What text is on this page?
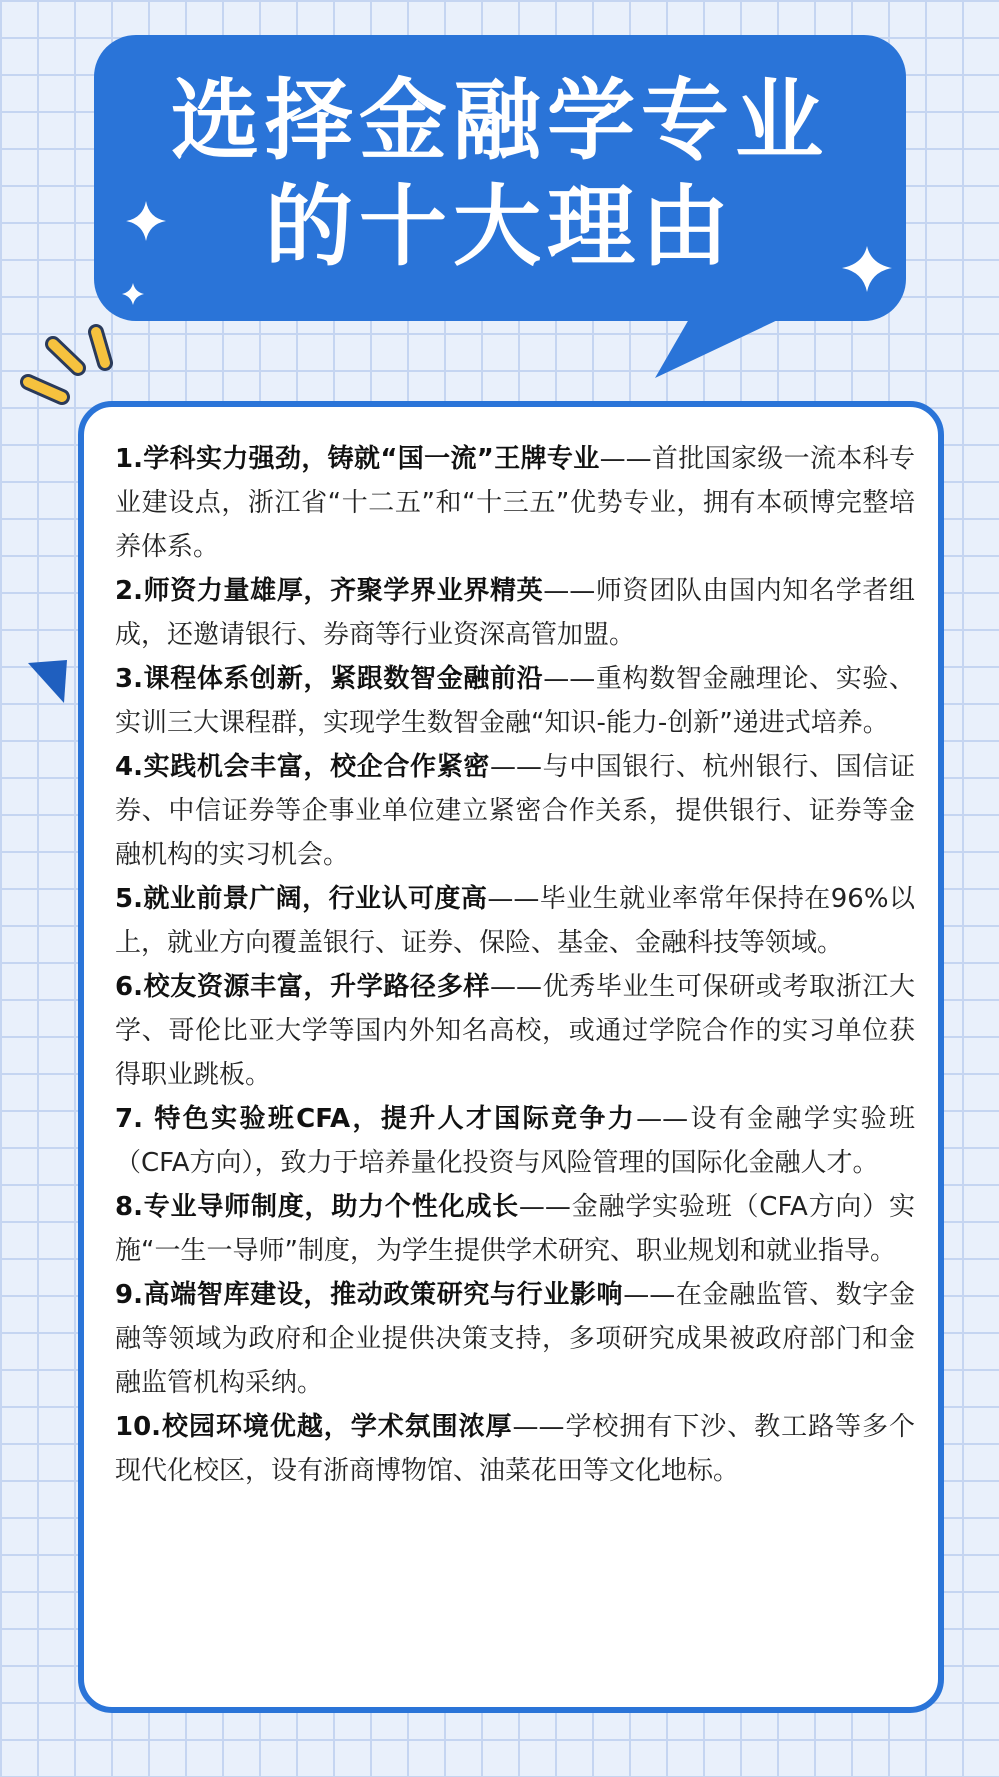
选择金融学专业
的十大理由
1.学科实力强劲，铸就“国一流”王牌专业——首批国家级一流本科专业建设点，浙江省“十二五”和“十三五”优势专业，拥有本硕博完整培养体系。
2.师资力量雄厚，齐聚学界业界精英——师资团队由国内知名学者组成，还邀请银行、券商等行业资深高管加盟。
3.课程体系创新，紧跟数智金融前沿——重构数智金融理论、实验、实训三大课程群，实现学生数智金融“知识-能力-创新”递进式培养。
4.实践机会丰富，校企合作紧密——与中国银行、杭州银行、国信证券、中信证券等企事业单位建立紧密合作关系，提供银行、证券等金融机构的实习机会。
5.就业前景广阔，行业认可度高——毕业生就业率常年保持在96%以上，就业方向覆盖银行、证券、保险、基金、金融科技等领域。
6.校友资源丰富，升学路径多样——优秀毕业生可保研或考取浙江大学、哥伦比亚大学等国内外知名高校，或通过学院合作的实习单位获得职业跳板。
7. 特色实验班CFA，提升人才国际竞争力——设有金融学实验班（CFA方向），致力于培养量化投资与风险管理的国际化金融人才。
8.专业导师制度，助力个性化成长——金融学实验班（CFA方向）实施“一生一导师”制度，为学生提供学术研究、职业规划和就业指导。
9.高端智库建设，推动政策研究与行业影响——在金融监管、数字金融等领域为政府和企业提供决策支持，多项研究成果被政府部门和金融监管机构采纳。
10.校园环境优越，学术氛围浓厚——学校拥有下沙、教工路等多个现代化校区，设有浙商博物馆、油菜花田等文化地标。
